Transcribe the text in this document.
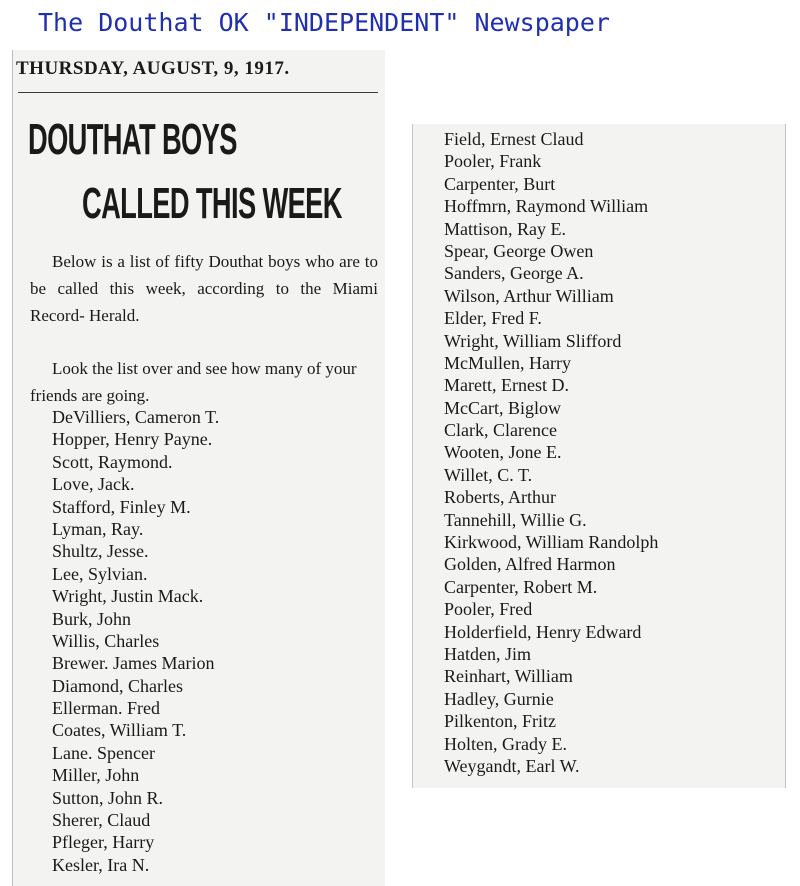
The Douthat OK "INDEPENDENT" Newspaper
THURSDAY, AUGUST, 9, 1917.
DOUTHAT BOYS
CALLED THIS WEEK
Below is a list of fifty Douthat boys who are to be called this week, according to the Miami Record- Herald.
Look the list over and see how many of your friends are going.
DeVilliers, Cameron T.
Hopper, Henry Payne.
Scott, Raymond.
Love, Jack.
Stafford, Finley M.
Lyman, Ray.
Shultz, Jesse.
Lee, Sylvian.
Wright, Justin Mack.
Burk, John
Willis, Charles
Brewer. James Marion
Diamond, Charles
Ellerman. Fred
Coates, William T.
Lane. Spencer
Miller, John
Sutton, John R.
Sherer, Claud
Pfleger, Harry
Kesler, Ira N.
Field, Ernest Claud
Pooler, Frank
Carpenter, Burt
Hoffmrn, Raymond William
Mattison, Ray E.
Spear, George Owen
Sanders, George A.
Wilson, Arthur William
Elder, Fred F.
Wright, William Slifford
McMullen, Harry
Marett, Ernest D.
McCart, Biglow
Clark, Clarence
Wooten, Jone E.
Willet, C. T.
Roberts, Arthur
Tannehill, Willie G.
Kirkwood, William Randolph
Golden, Alfred Harmon
Carpenter, Robert M.
Pooler, Fred
Holderfield, Henry Edward
Hatden, Jim
Reinhart, William
Hadley, Gurnie
Pilkenton, Fritz
Holten, Grady E.
Weygandt, Earl W.
